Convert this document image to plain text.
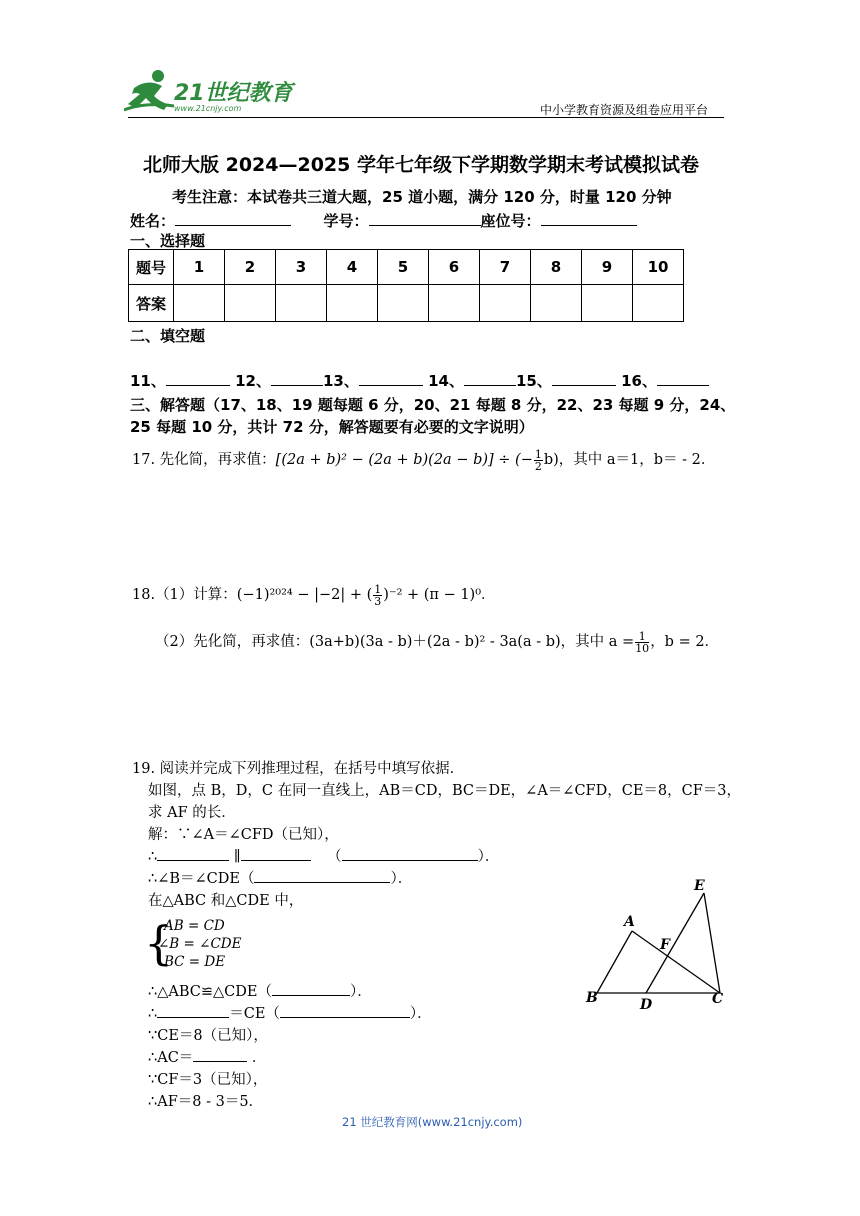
21世纪教育
www.21cnjy.com	中小学教育资源及组卷应用平台
北师大版 2024—2025 学年七年级下学期数学期末考试模拟试卷
考生注意：本试卷共三道大题，25 道小题，满分 120 分，时量 120 分钟
姓名：	学号：	座位号：
一、选择题
题号	1	2	3	4	5	6	7	8	9	10
答案										
二、填空题
11、	12、	13、	14、	15、	16、
三、解答题（17、18、19 题每题 6 分，20、21 每题 8 分，22、23 每题 9 分，24、
25 每题 10 分，共计 72 分，解答题要有必要的文字说明）
17. 先化简，再求值：[(2a + b)² − (2a + b)(2a − b)] ÷ (− $\frac{1}{2} b$)，其中 a＝1，b＝ - 2．
18.（1）计算：(−1)²⁰²⁴ − |−2| + ( $\frac{1}{3} )^{-2} + (\pi - 1)^0$．
（2）先化简，再求值：(3a+b)(3a - b)＋(2a - b)² - 3a(a - b)，其中 $a = \frac{1}{10}$ ，b = 2．
19. 阅读并完成下列推理过程，在括号中填写依据．
如图，点 B，D，C 在同一直线上，AB＝CD，BC＝DE，∠A＝∠CFD，CE＝8，CF＝3，
求 AF 的长．
解：∵∠A＝∠CFD（已知），
∴	∥	（	）．
∴∠B＝∠CDE（	）．
在△ABC 和△CDE 中，
{
AB = CD
∠B = ∠CDE
BC = DE
∴△ABC≌△CDE（	）．
∴	＝CE（	）．
∵CE＝8（已知），
∴AC＝	．
∵CF＝3（已知），
∴AF＝8 - 3＝5．
E
A
F
B	D	C
21 世纪教育网(www.21cnjy.com)
